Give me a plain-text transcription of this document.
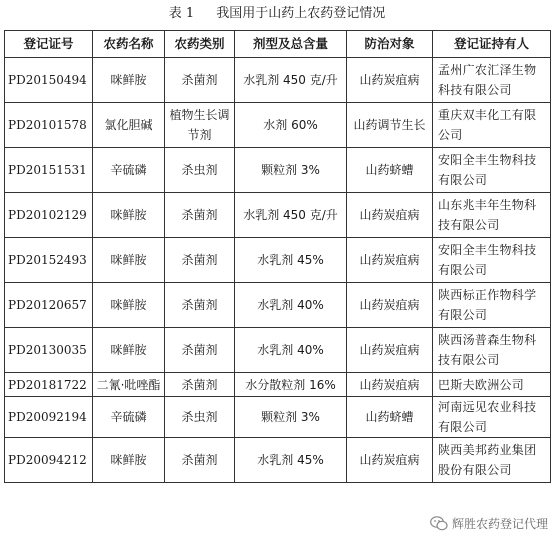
表 1 我国用于山药上农药登记情况
登记证号	农药名称	农药类别	剂型及总含量	防治对象	登记证持有人
PD20150494	咪鲜胺	杀菌剂	水乳剂 450 克/升	山药炭疽病	孟州广农汇泽生物科技有限公司
PD20101578	氯化胆碱	植物生长调节剂	水剂 60%	山药调节生长	重庆双丰化工有限公司
PD20151531	辛硫磷	杀虫剂	颗粒剂 3%	山药蛴螬	安阳全丰生物科技有限公司
PD20102129	咪鲜胺	杀菌剂	水乳剂 450 克/升	山药炭疽病	山东兆丰年生物科技有限公司
PD20152493	咪鲜胺	杀菌剂	水乳剂 45%	山药炭疽病	安阳全丰生物科技有限公司
PD20120657	咪鲜胺	杀菌剂	水乳剂 40%	山药炭疽病	陕西标正作物科学有限公司
PD20130035	咪鲜胺	杀菌剂	水乳剂 40%	山药炭疽病	陕西汤普森生物科技有限公司
PD20181722	二氰·吡唑酯	杀菌剂	水分散粒剂 16%	山药炭疽病	巴斯夫欧洲公司
PD20092194	辛硫磷	杀虫剂	颗粒剂 3%	山药蛴螬	河南远见农业科技有限公司
PD20094212	咪鲜胺	杀菌剂	水乳剂 45%	山药炭疽病	陕西美邦药业集团股份有限公司
辉胜农药登记代理
